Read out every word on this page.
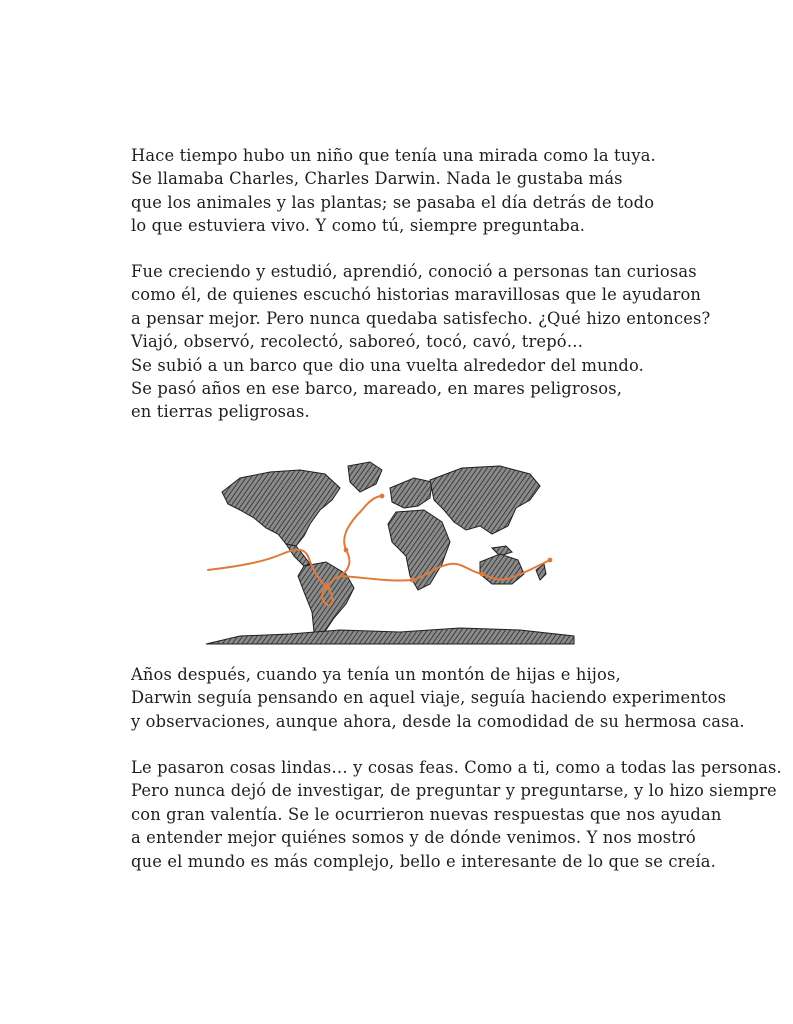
Hace tiempo hubo un niño que tenía una mirada como la tuya.
Se llamaba Charles, Charles Darwin. Nada le gustaba más
que los animales y las plantas; se pasaba el día detrás de todo
lo que estuviera vivo. Y como tú, siempre preguntaba.
Fue creciendo y estudió, aprendió, conoció a personas tan curiosas
como él, de quienes escuchó historias maravillosas que le ayudaron
a pensar mejor. Pero nunca quedaba satisfecho. ¿Qué hizo entonces?
Viajó, observó, recolectó, saboreó, tocó, cavó, trepó…
Se subió a un barco que dio una vuelta alrededor del mundo.
Se pasó años en ese barco, mareado, en mares peligrosos,
en tierras peligrosas.
Años después, cuando ya tenía un montón de hijas e hijos,
Darwin seguía pensando en aquel viaje, seguía haciendo experimentos
y observaciones, aunque ahora, desde la comodidad de su hermosa casa.
Le pasaron cosas lindas… y cosas feas. Como a ti, como a todas las personas.
Pero nunca dejó de investigar, de preguntar y preguntarse, y lo hizo siempre
con gran valentía. Se le ocurrieron nuevas respuestas que nos ayudan
a entender mejor quiénes somos y de dónde venimos. Y nos mostró
que el mundo es más complejo, bello e interesante de lo que se creía.
